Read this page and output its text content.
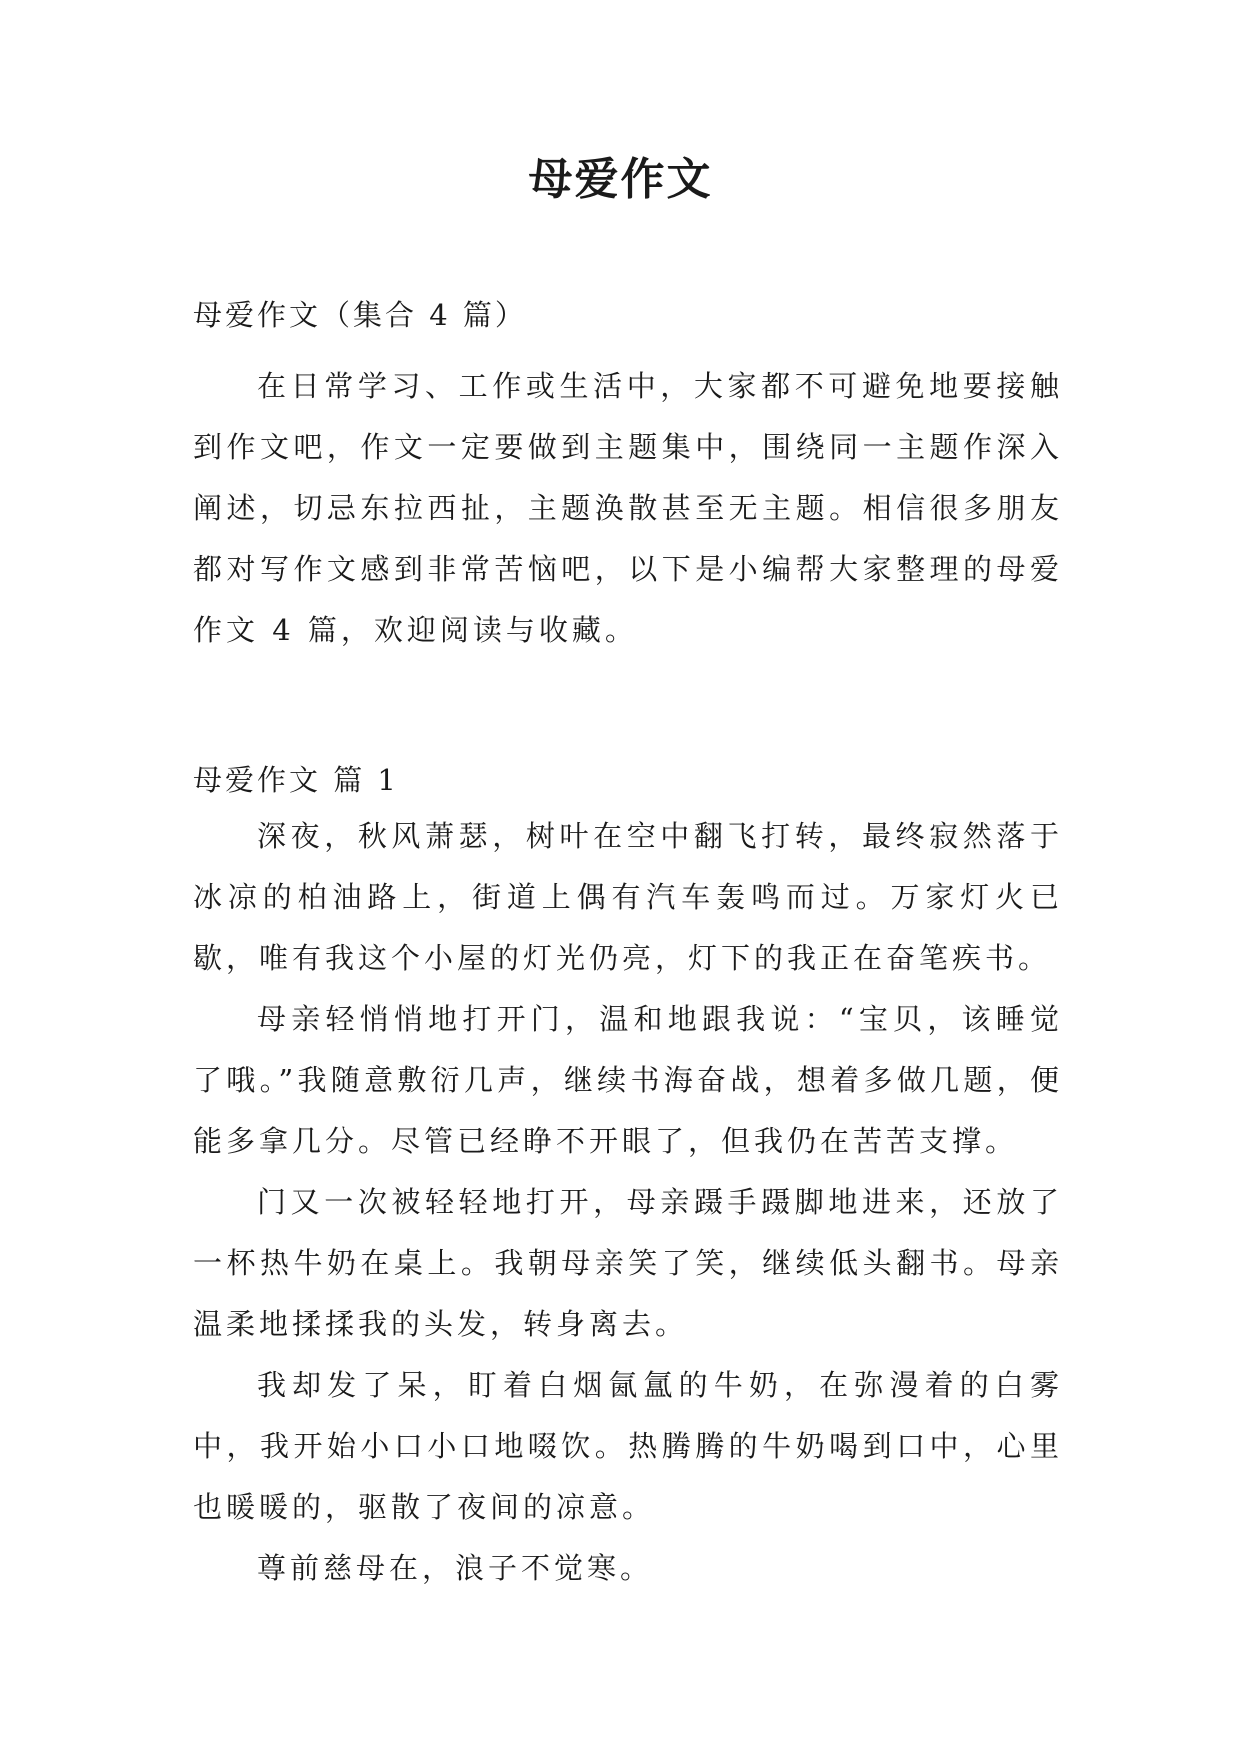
母爱作文
母爱作文（集合 4 篇）

在日常学习、工作或生活中，大家都不可避免地要接触到作文吧，作文一定要做到主题集中，围绕同一主题作深入阐述，切忌东拉西扯，主题涣散甚至无主题。相信很多朋友都对写作文感到非常苦恼吧，以下是小编帮大家整理的母爱作文 4 篇，欢迎阅读与收藏。

母爱作文 篇 1

深夜，秋风萧瑟，树叶在空中翻飞打转，最终寂然落于冰凉的柏油路上，街道上偶有汽车轰鸣而过。万家灯火已歇，唯有我这个小屋的灯光仍亮，灯下的我正在奋笔疾书。

母亲轻悄悄地打开门，温和地跟我说：“宝贝，该睡觉了哦。”我随意敷衍几声，继续书海奋战，想着多做几题，便能多拿几分。尽管已经睁不开眼了，但我仍在苦苦支撑。

门又一次被轻轻地打开，母亲蹑手蹑脚地进来，还放了一杯热牛奶在桌上。我朝母亲笑了笑，继续低头翻书。母亲温柔地揉揉我的头发，转身离去。

我却发了呆，盯着白烟氤氲的牛奶，在弥漫着的白雾中，我开始小口小口地啜饮。热腾腾的牛奶喝到口中，心里也暖暖的，驱散了夜间的凉意。

尊前慈母在，浪子不觉寒。
